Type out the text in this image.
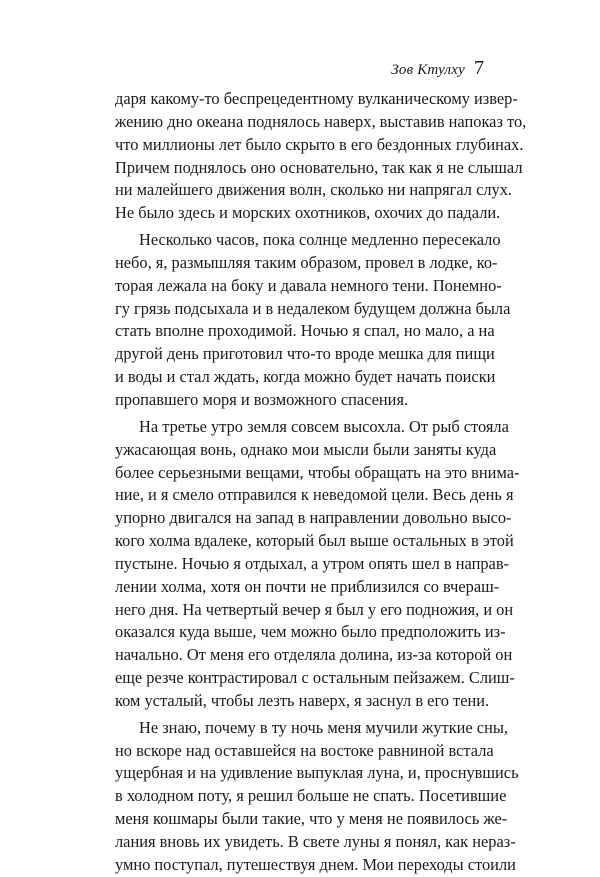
Зов Ктулху 7
даря какому-то беспрецедентному вулканическому извер-
жению дно океана поднялось наверх, выставив напоказ то,
что миллионы лет было скрыто в его бездонных глубинах.
Причем поднялось оно основательно, так как я не слышал
ни малейшего движения волн, сколько ни напрягал слух.
Не было здесь и морских охотников, охочих до падали.
Несколько часов, пока солнце медленно пересекало
небо, я, размышляя таким образом, провел в лодке, ко-
торая лежала на боку и давала немного тени. Понемно-
гу грязь подсыхала и в недалеком будущем должна была
стать вполне проходимой. Ночью я спал, но мало, а на
другой день приготовил что-то вроде мешка для пищи
и воды и стал ждать, когда можно будет начать поиски
пропавшего моря и возможного спасения.
На третье утро земля совсем высохла. От рыб стояла
ужасающая вонь, однако мои мысли были заняты куда
более серьезными вещами, чтобы обращать на это внима-
ние, и я смело отправился к неведомой цели. Весь день я
упорно двигался на запад в направлении довольно высо-
кого холма вдалеке, который был выше остальных в этой
пустыне. Ночью я отдыхал, а утром опять шел в направ-
лении холма, хотя он почти не приблизился со вчераш-
него дня. На четвертый вечер я был у его подножия, и он
оказался куда выше, чем можно было предположить из-
начально. От меня его отделяла долина, из-за которой он
еще резче контрастировал с остальным пейзажем. Слиш-
ком усталый, чтобы лезть наверх, я заснул в его тени.
Не знаю, почему в ту ночь меня мучили жуткие сны,
но вскоре над оставшейся на востоке равниной встала
ущербная и на удивление выпуклая луна, и, проснувшись
в холодном поту, я решил больше не спать. Посетившие
меня кошмары были такие, что у меня не появилось же-
лания вновь их увидеть. В свете луны я понял, как нераз-
умно поступал, путешествуя днем. Мои переходы стоили
